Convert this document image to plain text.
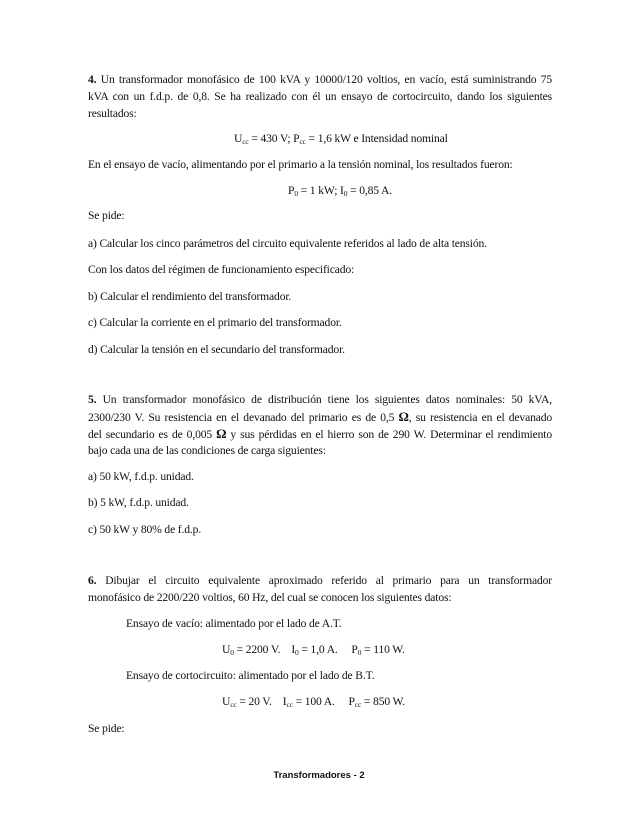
4. Un transformador monofásico de 100 kVA y 10000/120 voltios, en vacío, está suministrando 75
kVA con un f.d.p. de 0,8. Se ha realizado con él un ensayo de cortocircuito, dando los siguientes
resultados:
$U_{cc} = 430$ V; $P_{cc} = 1,6$ kW e Intensidad nominal
En el ensayo de vacío, alimentando por el primario a la tensión nominal, los resultados fueron:
$P_0 = 1$ kW; $I_0 = 0,85$ A.
Se pide:
a) Calcular los cinco parámetros del circuito equivalente referidos al lado de alta tensión.
Con los datos del régimen de funcionamiento especificado:
b) Calcular el rendimiento del transformador.
c) Calcular la corriente en el primario del transformador.
d) Calcular la tensión en el secundario del transformador.
5. Un transformador monofásico de distribución tiene los siguientes datos nominales: 50 kVA,
2300/230 V. Su resistencia en el devanado del primario es de 0,5 Ω, su resistencia en el devanado
del secundario es de 0,005 Ω y sus pérdidas en el hierro son de 290 W. Determinar el rendimiento
bajo cada una de las condiciones de carga siguientes:
a) 50 kW, f.d.p. unidad.
b) 5 kW, f.d.p. unidad.
c) 50 kW y 80% de f.d.p.
6. Dibujar el circuito equivalente aproximado referido al primario para un transformador
monofásico de 2200/220 voltios, 60 Hz, del cual se conocen los siguientes datos:
Ensayo de vacío: alimentado por el lado de A.T.
$U_0 = 2200$ V.    $I_0 = 1,0$ A.     $P_0 = 110$ W.
Ensayo de cortocircuito: alimentado por el lado de B.T.
$U_{cc} = 20$ V.    $I_{cc} = 100$ A.     $P_{cc} = 850$ W.
Se pide:
Transformadores - 2
